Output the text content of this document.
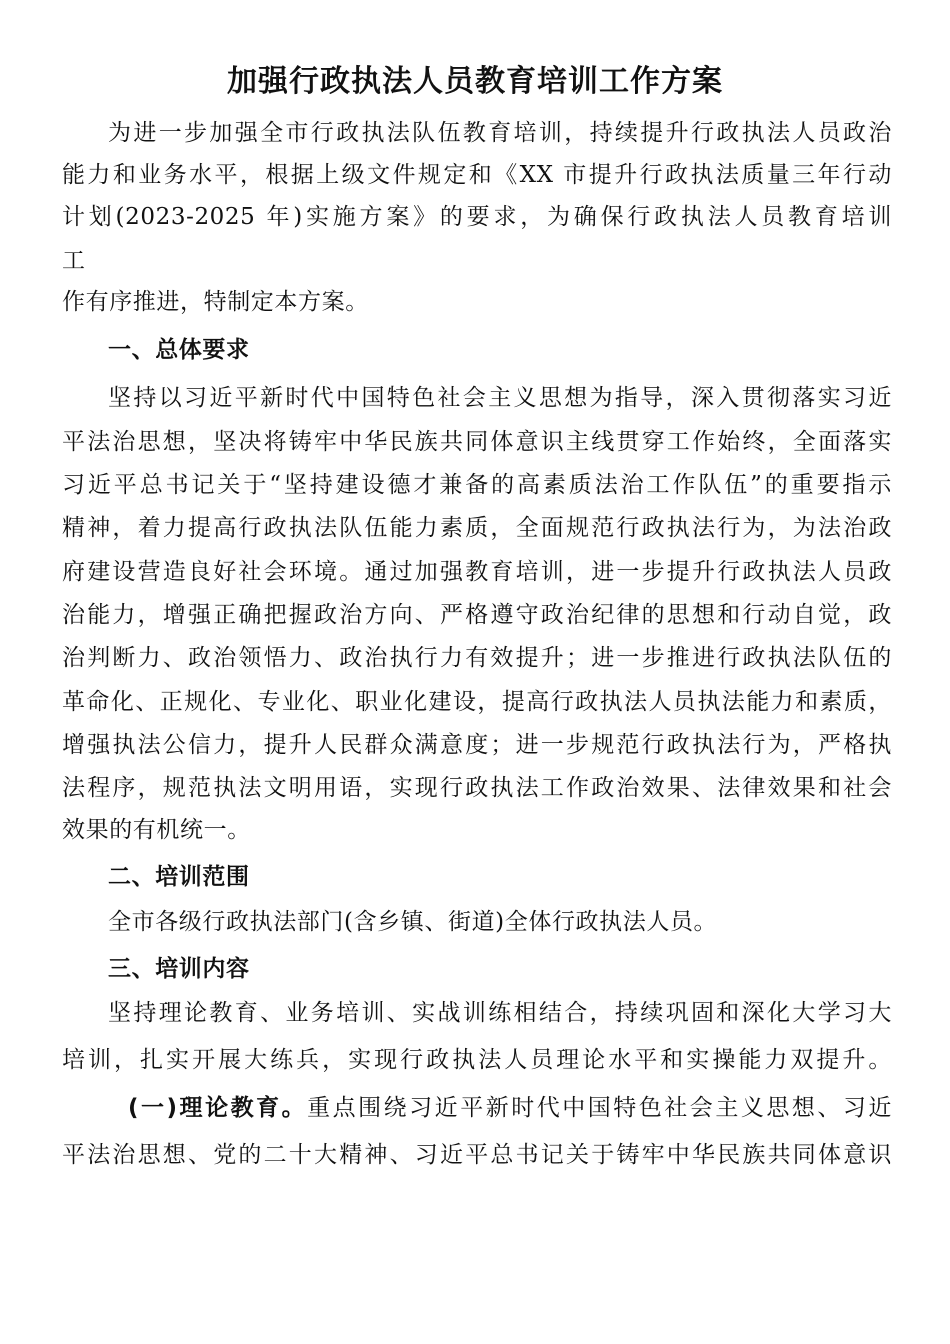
加强行政执法人员教育培训工作方案
为进一步加强全市行政执法队伍教育培训，持续提升行政执法人员政治
能力和业务水平，根据上级文件规定和《XX 市提升行政执法质量三年行动
计划(2023-2025 年)实施方案》的要求，为确保行政执法人员教育培训
工
作有序推进，特制定本方案。
一、总体要求
坚持以习近平新时代中国特色社会主义思想为指导，深入贯彻落实习近
平法治思想，坚决将铸牢中华民族共同体意识主线贯穿工作始终，全面落实
习近平总书记关于“坚持建设德才兼备的高素质法治工作队伍”的重要指示
精神，着力提高行政执法队伍能力素质，全面规范行政执法行为，为法治政
府建设营造良好社会环境。通过加强教育培训，进一步提升行政执法人员政
治能力，增强正确把握政治方向、严格遵守政治纪律的思想和行动自觉，政
治判断力、政治领悟力、政治执行力有效提升；进一步推进行政执法队伍的
革命化、正规化、专业化、职业化建设，提高行政执法人员执法能力和素质，
增强执法公信力，提升人民群众满意度；进一步规范行政执法行为，严格执
法程序，规范执法文明用语，实现行政执法工作政治效果、法律效果和社会
效果的有机统一。
二、培训范围
全市各级行政执法部门(含乡镇、街道)全体行政执法人员。
三、培训内容
坚持理论教育、业务培训、实战训练相结合，持续巩固和深化大学习大
培训，扎实开展大练兵，实现行政执法人员理论水平和实操能力双提升。
(一)理论教育。重点围绕习近平新时代中国特色社会主义思想、习近
平法治思想、党的二十大精神、习近平总书记关于铸牢中华民族共同体意识
